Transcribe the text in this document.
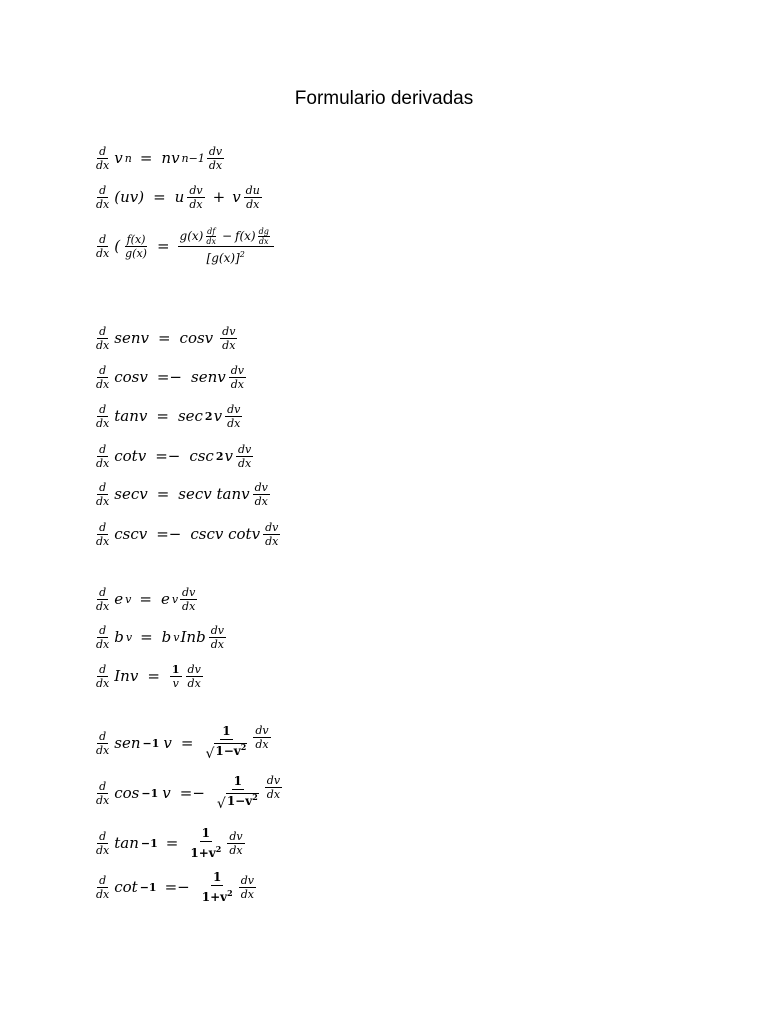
Formulario derivadas
d
dx v n = nv n−1
dv
dx
d
dx (uv) = u dv
dx + v du
dx
d
dx ( $\frac{f(x)}{g(x)}$ =
g(x) df
dx − f(x) dg
dx
$[g(x)]^2$
d
dx senv = cosv dv
dx
d
dx cosv =− senv dv
dx
d
dx tanv = sec 2 v dv
dx
d
dx cotv =− csc 2 v dv
dx
d
dx secv = secv tanv dv
dx
d
dx cscv =− cscv cotv dv
dx
d
dx e v = e v
dv
dx
d
dx b v = b v Inb dv
dx
d
dx Inv = $\frac{1}{v}$ dv
dx
d
dx sen −1 $v = \frac{1}{√1-v^2}$ dv
dx
d
dx cos −1 $v =- \frac{1}{√1-v^2}$ dv
dx
d
dx $\tan -1 = \frac{1}{1+v^2}$ dv
dx
d
dx $\cot -1 =- \frac{1}{1+v^2}$ dv
dx
